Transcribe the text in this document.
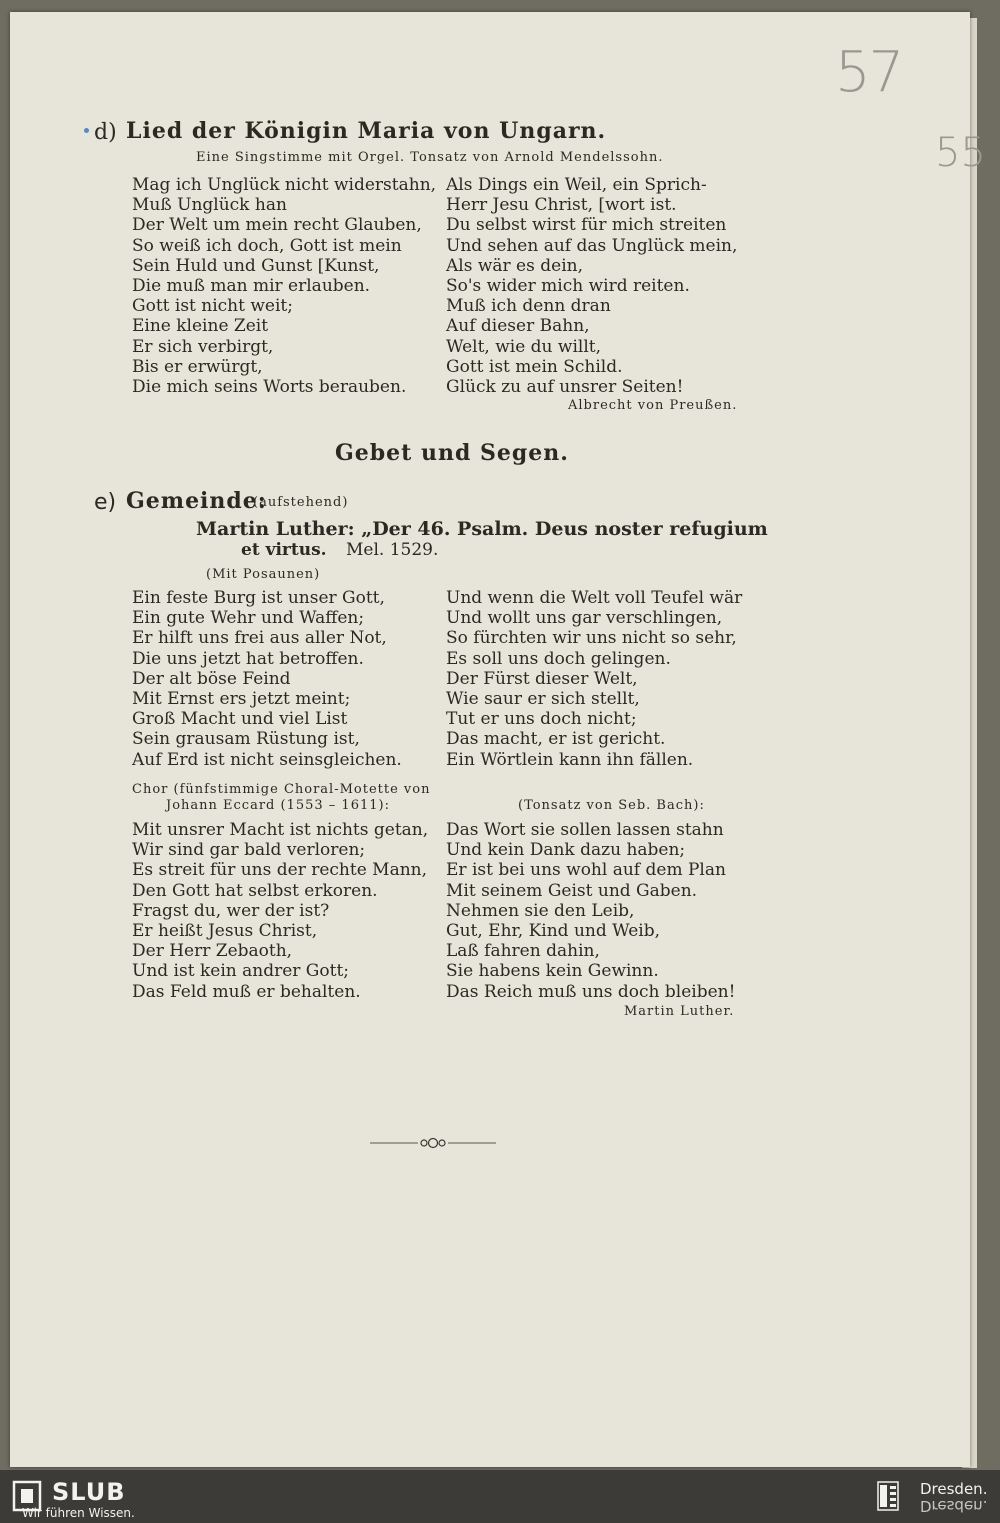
57
55
d) Lied der Königin Maria von Ungarn.
Eine Singstimme mit Orgel. Tonsatz von Arnold Mendelssohn.
Mag ich Unglück nicht widerstahn,
Muß Unglück han
Der Welt um mein recht Glauben,
So weiß ich doch, Gott ist mein
Sein Huld und Gunst [Kunst,
Die muß man mir erlauben.
Gott ist nicht weit;
Eine kleine Zeit
Er sich verbirgt,
Bis er erwürgt,
Die mich seins Worts berauben.
Als Dings ein Weil, ein Sprich-
Herr Jesu Christ, [wort ist.
Du selbst wirst für mich streiten
Und sehen auf das Unglück mein,
Als wär es dein,
So's wider mich wird reiten.
Muß ich denn dran
Auf dieser Bahn,
Welt, wie du willt,
Gott ist mein Schild.
Glück zu auf unsrer Seiten!
Albrecht von Preußen.
Gebet und Segen.
e) Gemeinde:
(aufstehend)
Martin Luther: „Der 46. Psalm. Deus noster refugium
et virtus. Mel. 1529.
(Mit Posaunen)
Ein feste Burg ist unser Gott,
Ein gute Wehr und Waffen;
Er hilft uns frei aus aller Not,
Die uns jetzt hat betroffen.
Der alt böse Feind
Mit Ernst ers jetzt meint;
Groß Macht und viel List
Sein grausam Rüstung ist,
Auf Erd ist nicht seinsgleichen.
Und wenn die Welt voll Teufel wär
Und wollt uns gar verschlingen,
So fürchten wir uns nicht so sehr,
Es soll uns doch gelingen.
Der Fürst dieser Welt,
Wie saur er sich stellt,
Tut er uns doch nicht;
Das macht, er ist gericht.
Ein Wörtlein kann ihn fällen.
Chor (fünfstimmige Choral-Motette von
Johann Eccard (1553 – 1611):	(Tonsatz von Seb. Bach):
Mit unsrer Macht ist nichts getan,
Wir sind gar bald verloren;
Es streit für uns der rechte Mann,
Den Gott hat selbst erkoren.
Fragst du, wer der ist?
Er heißt Jesus Christ,
Der Herr Zebaoth,
Und ist kein andrer Gott;
Das Feld muß er behalten.
Das Wort sie sollen lassen stahn
Und kein Dank dazu haben;
Er ist bei uns wohl auf dem Plan
Mit seinem Geist und Gaben.
Nehmen sie den Leib,
Gut, Ehr, Kind und Weib,
Laß fahren dahin,
Sie habens kein Gewinn.
Das Reich muß uns doch bleiben!
Martin Luther.
SLUB
Wir führen Wissen.
Dresden.
Dresden.
